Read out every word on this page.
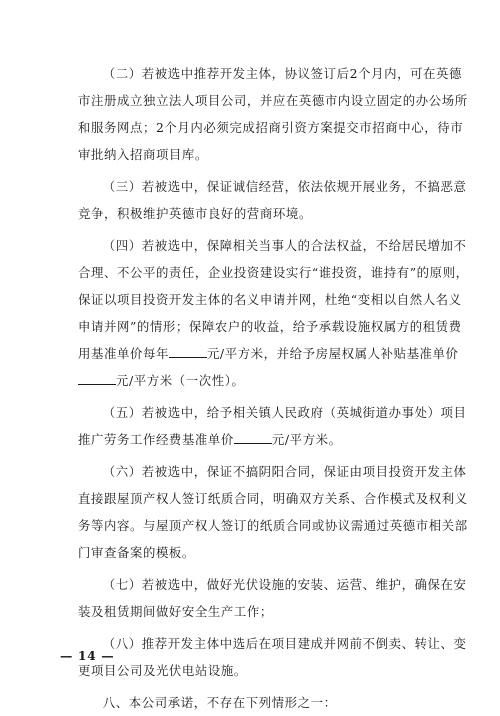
（二）若被选中推荐开发主体，协议签订后2个月内，可在英德
市注册成立独立法人项目公司，并应在英德市内设立固定的办公场所
和服务网点；2个月内必须完成招商引资方案提交市招商中心，待市
审批纳入招商项目库。
（三）若被选中，保证诚信经营，依法依规开展业务，不搞恶意
竞争，积极维护英德市良好的营商环境。
（四）若被选中，保障相关当事人的合法权益，不给居民增加不
合理、不公平的责任，企业投资建设实行“谁投资，谁持有”的原则，
保证以项目投资开发主体的名义申请并网，杜绝“变相以自然人名义
申请并网”的情形；保障农户的收益，给予承载设施权属方的租赁费
用基准单价每年	元/平方米，并给予房屋权属人补贴基准单价
元/平方米（一次性）。
（五）若被选中，给予相关镇人民政府（英城街道办事处）项目
推广劳务工作经费基准单价	元/平方米。
（六）若被选中，保证不搞阴阳合同，保证由项目投资开发主体
直接跟屋顶产权人签订纸质合同，明确双方关系、合作模式及权利义
务等内容。与屋顶产权人签订的纸质合同或协议需通过英德市相关部
门审查备案的模板。
（七）若被选中，做好光伏设施的安装、运营、维护，确保在安
装及租赁期间做好安全生产工作；
（八）推荐开发主体中选后在项目建成并网前不倒卖、转让、变
更项目公司及光伏电站设施。
八、本公司承诺，不存在下列情形之一：
— 14 —
